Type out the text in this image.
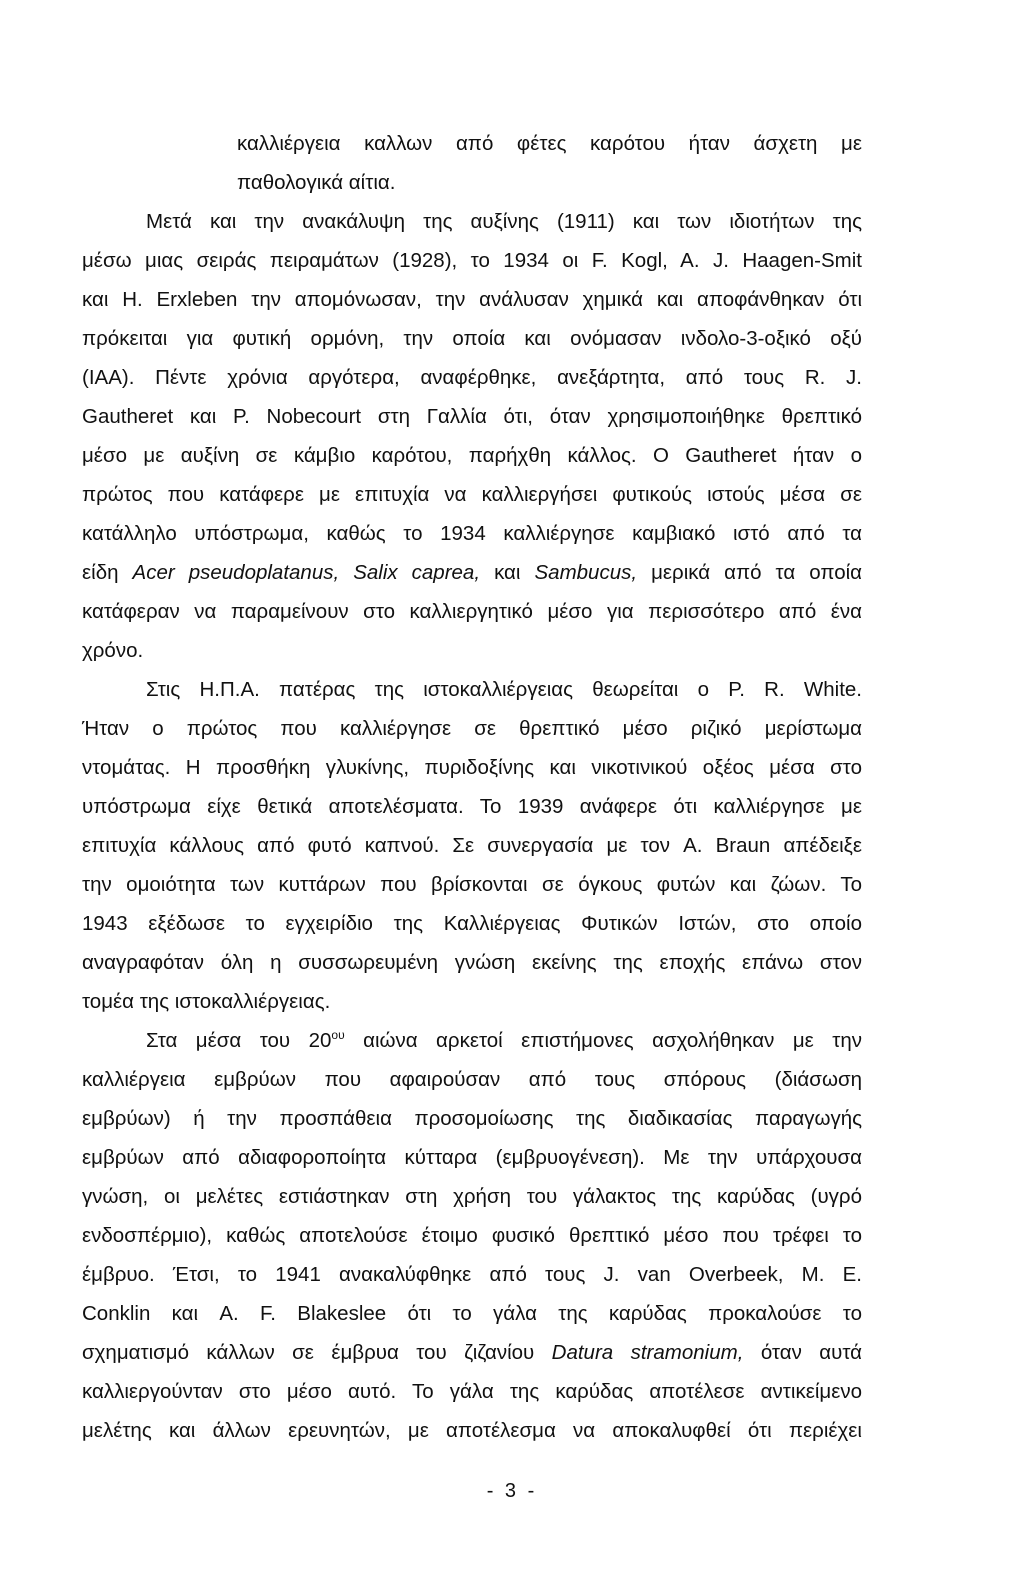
καλλιέργεια καλλων από φέτες καρότου ήταν άσχετη με
παθολογικά αίτια.
Μετά και την ανακάλυψη της αυξίνης (1911) και των ιδιοτήτων της
μέσω μιας σειράς πειραμάτων (1928), το 1934 οι F. Kogl, A. J. Haagen-Smit
και H. Erxleben την απομόνωσαν, την ανάλυσαν χημικά και αποφάνθηκαν ότι
πρόκειται για φυτική ορμόνη, την οποία και ονόμασαν ινδολο-3-οξικό οξύ
(IAA). Πέντε χρόνια αργότερα, αναφέρθηκε, ανεξάρτητα, από τους R. J.
Gautheret και P. Nobecourt στη Γαλλία ότι, όταν χρησιμοποιήθηκε θρεπτικό
μέσο με αυξίνη σε κάμβιο καρότου, παρήχθη κάλλος. Ο Gautheret ήταν ο
πρώτος που κατάφερε με επιτυχία να καλλιεργήσει φυτικούς ιστούς μέσα σε
κατάλληλο υπόστρωμα, καθώς το 1934 καλλιέργησε καμβιακό ιστό από τα
είδη Acer pseudoplatanus, Salix caprea, και Sambucus, μερικά από τα οποία
κατάφεραν να παραμείνουν στο καλλιεργητικό μέσο για περισσότερο από ένα
χρόνο.
Στις Η.Π.Α. πατέρας της ιστοκαλλιέργειας θεωρείται ο P. R. White.
Ήταν ο πρώτος που καλλιέργησε σε θρεπτικό μέσο ριζικό μερίστωμα
ντομάτας. Η προσθήκη γλυκίνης, πυριδοξίνης και νικοτινικού οξέος μέσα στο
υπόστρωμα είχε θετικά αποτελέσματα. Το 1939 ανάφερε ότι καλλιέργησε με
επιτυχία κάλλους από φυτό καπνού. Σε συνεργασία με τον A. Braun απέδειξε
την ομοιότητα των κυττάρων που βρίσκονται σε όγκους φυτών και ζώων. Το
1943 εξέδωσε το εγχειρίδιο της Καλλιέργειας Φυτικών Ιστών, στο οποίο
αναγραφόταν όλη η συσσωρευμένη γνώση εκείνης της εποχής επάνω στον
τομέα της ιστοκαλλιέργειας.
Στα μέσα του $20^{o\upsilon}$ αιώνα αρκετοί επιστήμονες ασχολήθηκαν με την
καλλιέργεια εμβρύων που αφαιρούσαν από τους σπόρους (διάσωση
εμβρύων) ή την προσπάθεια προσομοίωσης της διαδικασίας παραγωγής
εμβρύων από αδιαφοροποίητα κύτταρα (εμβρυογένεση). Με την υπάρχουσα
γνώση, οι μελέτες εστιάστηκαν στη χρήση του γάλακτος της καρύδας (υγρό
ενδοσπέρμιο), καθώς αποτελούσε έτοιμο φυσικό θρεπτικό μέσο που τρέφει το
έμβρυο. Έτσι, το 1941 ανακαλύφθηκε από τους J. van Overbeek, M. E.
Conklin και A. F. Blakeslee ότι το γάλα της καρύδας προκαλούσε το
σχηματισμό κάλλων σε έμβρυα του ζιζανίου Datura stramonium, όταν αυτά
καλλιεργούνταν στο μέσο αυτό. Το γάλα της καρύδας αποτέλεσε αντικείμενο
μελέτης και άλλων ερευνητών, με αποτέλεσμα να αποκαλυφθεί ότι περιέχει
- 3 -
